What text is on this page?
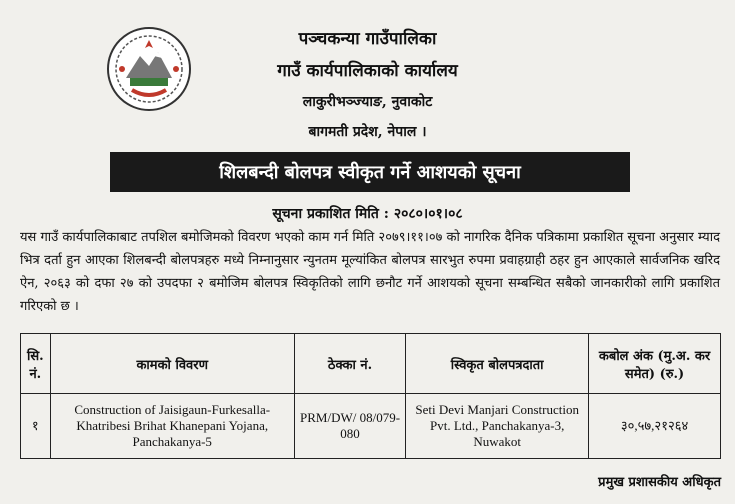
पञ्चकन्या गाउँपालिका
गाउँ कार्यपालिकाको कार्यालय
लाकुरीभञ्ज्याङ, नुवाकोट
बागमती प्रदेश, नेपाल ।
शिलबन्दी बोलपत्र स्वीकृत गर्ने आशयको सूचना
सूचना प्रकाशित मिति : २०८०।०१।०८
यस गाउँ कार्यपालिकाबाट तपशिल बमोजिमको विवरण भएको काम गर्न मिति २०७९।११।०७ को नागरिक दैनिक पत्रिकामा प्रकाशित सूचना अनुसार म्याद भित्र दर्ता हुन आएका शिलबन्दी बोलपत्रहरु मध्ये निम्नानुसार न्युनतम मूल्यांकित बोलपत्र सारभुत रुपमा प्रवाहग्राही ठहर हुन आएकाले सार्वजनिक खरिद ऐन, २०६३ को दफा २७ को उपदफा २ बमोजिम बोलपत्र स्विकृतिको लागि छनौट गर्ने आशयको सूचना सम्बन्धित सबैको जानकारीको लागि प्रकाशित गरिएको छ ।
सि. नं.	कामको विवरण	ठेक्का नं.	स्विकृत बोलपत्रदाता	कबोल अंक (मु.अ. कर समेत) (रु.)
१	Construction of Jaisigaun-Furkesalla-Khatribesi Brihat Khanepani Yojana, Panchakanya-5	PRM/DW/ 08/079-080	Seti Devi Manjari Construction Pvt. Ltd., Panchakanya-3, Nuwakot	३०,५७,२१२६४
प्रमुख प्रशासकीय अधिकृत
